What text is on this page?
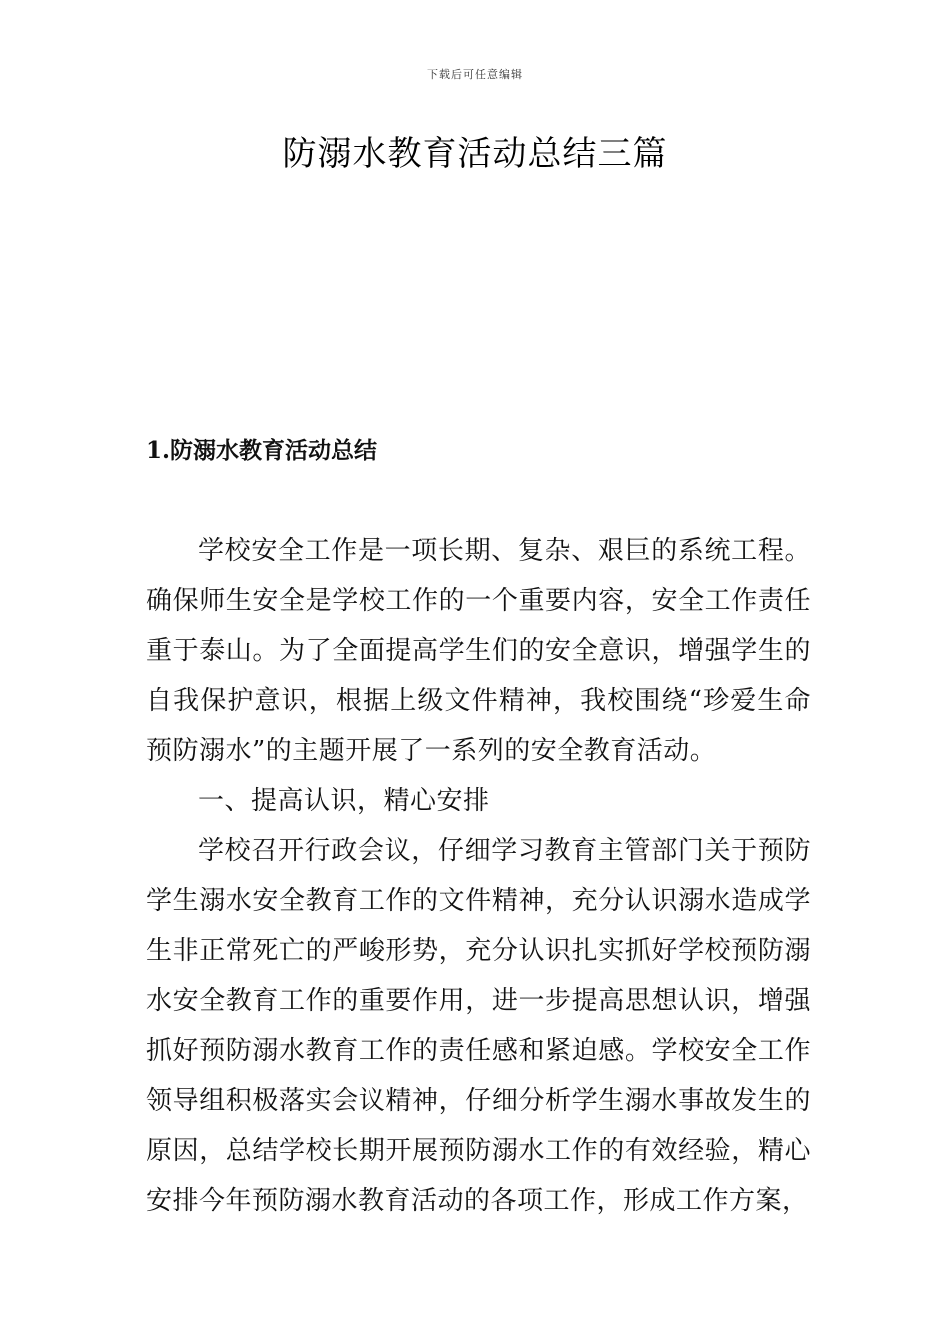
下载后可任意编辑
防溺水教育活动总结三篇
1.防溺水教育活动总结

学校安全工作是一项长期、复杂、艰巨的系统工程。确保师生安全是学校工作的一个重要内容，安全工作责任重于泰山。为了全面提高学生们的安全意识，增强学生的自我保护意识，根据上级文件精神，我校围绕“珍爱生命预防溺水”的主题开展了一系列的安全教育活动。

一、提高认识，精心安排

学校召开行政会议，仔细学习教育主管部门关于预防学生溺水安全教育工作的文件精神，充分认识溺水造成学生非正常死亡的严峻形势，充分认识扎实抓好学校预防溺水安全教育工作的重要作用，进一步提高思想认识，增强抓好预防溺水教育工作的责任感和紧迫感。学校安全工作领导组积极落实会议精神，仔细分析学生溺水事故发生的原因，总结学校长期开展预防溺水工作的有效经验，精心安排今年预防溺水教育活动的各项工作，形成工作方案，
